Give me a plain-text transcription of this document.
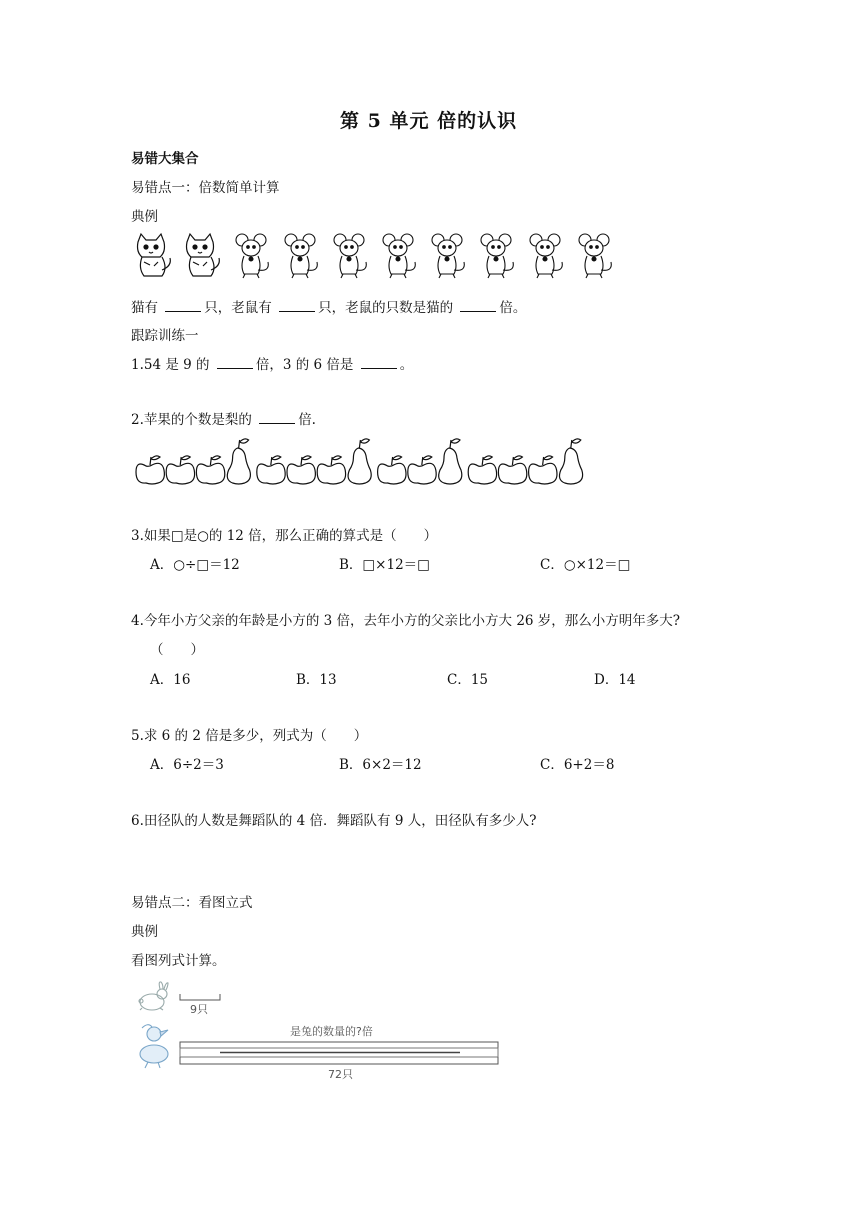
第 5 单元 倍的认识
易错大集合
易错点一：倍数简单计算
典例
猫有	只，老鼠有	只，老鼠的只数是猫的	倍。
跟踪训练一
1.54 是 9 的	倍，3 的 6 倍是	。
2.苹果的个数是梨的	倍.
3.如果□是○的 12 倍，那么正确的算式是（　　）
A．○÷□＝12	B．□×12＝□	C．○×12＝□
4.今年小方父亲的年龄是小方的 3 倍，去年小方的父亲比小方大 26 岁，那么小方明年多大?
（　　）
A．16	B．13	C．15	D．14
5.求 6 的 2 倍是多少，列式为（　　）
A．6÷2＝3	B．6×2＝12	C．6+2＝8
6.田径队的人数是舞蹈队的 4 倍．舞蹈队有 9 人，田径队有多少人?
易错点二：看图立式
典例
看图列式计算。
9只
是兔的数量的?倍
72只
